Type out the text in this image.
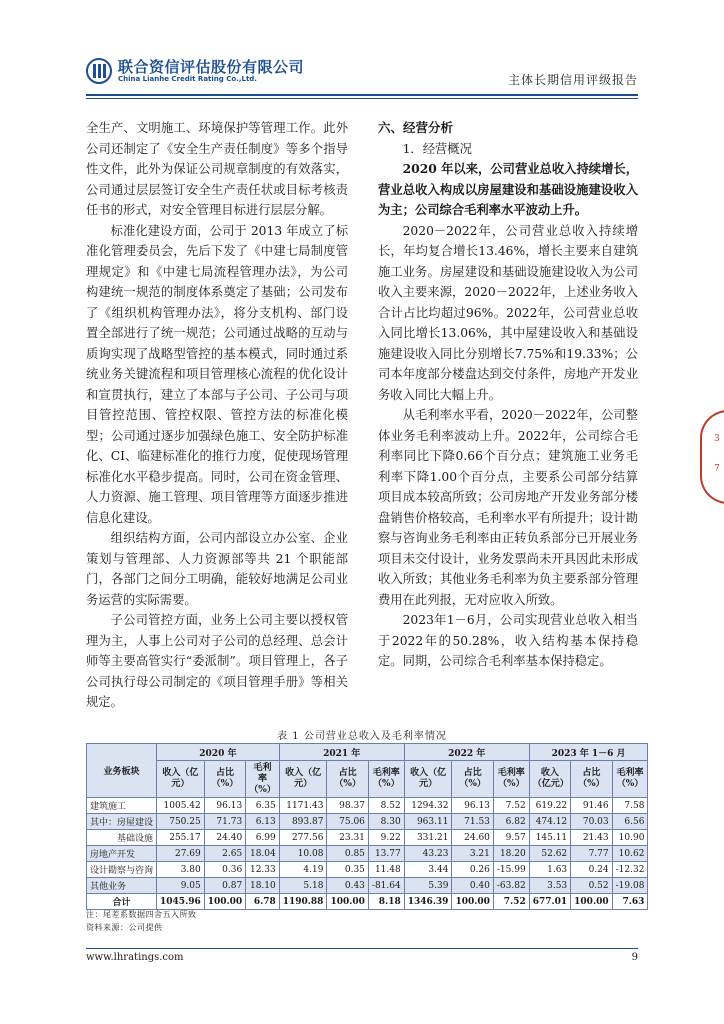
联合资信评估股份有限公司
China Lianhe Credit Rating Co.,Ltd.	主体长期信用评级报告

全生产、文明施工、环境保护等管理工作。此外公司还制定了《安全生产责任制度》等多个指导性文件，此外为保证公司规章制度的有效落实，公司通过层层签订安全生产责任状或目标考核责任书的形式，对安全管理目标进行层层分解。

标准化建设方面，公司于 2013 年成立了标准化管理委员会，先后下发了《中建七局制度管理规定》和《中建七局流程管理办法》，为公司构建统一规范的制度体系奠定了基础；公司发布了《组织机构管理办法》，将分支机构、部门设置全部进行了统一规范；公司通过战略的互动与质询实现了战略型管控的基本模式，同时通过系统业务关键流程和项目管理核心流程的优化设计和宣贯执行，建立了本部与子公司、子公司与项目管控范围、管控权限、管控方法的标准化模型；公司通过逐步加强绿色施工、安全防护标准化、CI、临建标准化的推行力度，促使现场管理标准化水平稳步提高。同时，公司在资金管理、人力资源、施工管理、项目管理等方面逐步推进信息化建设。

组织结构方面，公司内部设立办公室、企业策划与管理部、人力资源部等共 21 个职能部门，各部门之间分工明确，能较好地满足公司业务运营的实际需要。

子公司管控方面，业务上公司主要以授权管理为主，人事上公司对子公司的总经理、总会计师等主要高管实行“委派制”。项目管理上，各子公司执行母公司制定的《项目管理手册》等相关规定。

六、经营分析

1．经营概况

2020 年以来，公司营业总收入持续增长，营业总收入构成以房屋建设和基础设施建设收入为主；公司综合毛利率水平波动上升。

2020－2022年，公司营业总收入持续增长，年均复合增长13.46%，增长主要来自建筑施工业务。房屋建设和基础设施建设收入为公司收入主要来源，2020－2022年，上述业务收入合计占比均超过96%。2022年，公司营业总收入同比增长13.06%，其中屋建设收入和基础设施建设收入同比分别增长7.75%和19.33%；公司本年度部分楼盘达到交付条件，房地产开发业务收入同比大幅上升。

从毛利率水平看，2020－2022年，公司整体业务毛利率波动上升。2022年，公司综合毛利率同比下降0.66个百分点；建筑施工业务毛利率下降1.00个百分点，主要系公司部分结算项目成本较高所致；公司房地产开发业务部分楼盘销售价格较高，毛利率水平有所提升；设计勘察与咨询业务毛利率由正转负系部分已开展业务项目未交付设计，业务发票尚未开具因此未形成收入所致；其他业务毛利率为负主要系部分管理费用在此列报，无对应收入所致。

2023年1－6月，公司实现营业总收入相当于2022年的50.28%，收入结构基本保持稳定。同期，公司综合毛利率基本保持稳定。

3
7
表 1 公司营业总收入及毛利率情况
业务板块	2020 年			2021 年			2022 年			2023 年 1－6 月		
	收入（亿元）	占比（%）	毛利率（%）	收入（亿元）	占比（%）	毛利率（%）	收入（亿元）	占比（%）	毛利率（%）	收入（亿元）	占比（%）	毛利率（%）
建筑施工	1005.42	96.13	6.35	1171.43	98.37	8.52	1294.32	96.13	7.52	619.22	91.46	7.58
其中：房屋建设	750.25	71.73	6.13	893.87	75.06	8.30	963.11	71.53	6.82	474.12	70.03	6.56
基础设施	255.17	24.40	6.99	277.56	23.31	9.22	331.21	24.60	9.57	145.11	21.43	10.90
房地产开发	27.69	2.65	18.04	10.08	0.85	13.77	43.23	3.21	18.20	52.62	7.77	10.62
设计勘察与咨询	3.80	0.36	12.33	4.19	0.35	11.48	3.44	0.26	-15.99	1.63	0.24	-12.32
其他业务	9.05	0.87	18.10	5.18	0.43	-81.64	5.39	0.40	-63.82	3.53	0.52	-19.08
合计	1045.96	100.00	6.78	1190.88	100.00	8.18	1346.39	100.00	7.52	677.01	100.00	7.63
注：尾差系数据四舍五入所致
资料来源：公司提供
www.lhratings.com	9
